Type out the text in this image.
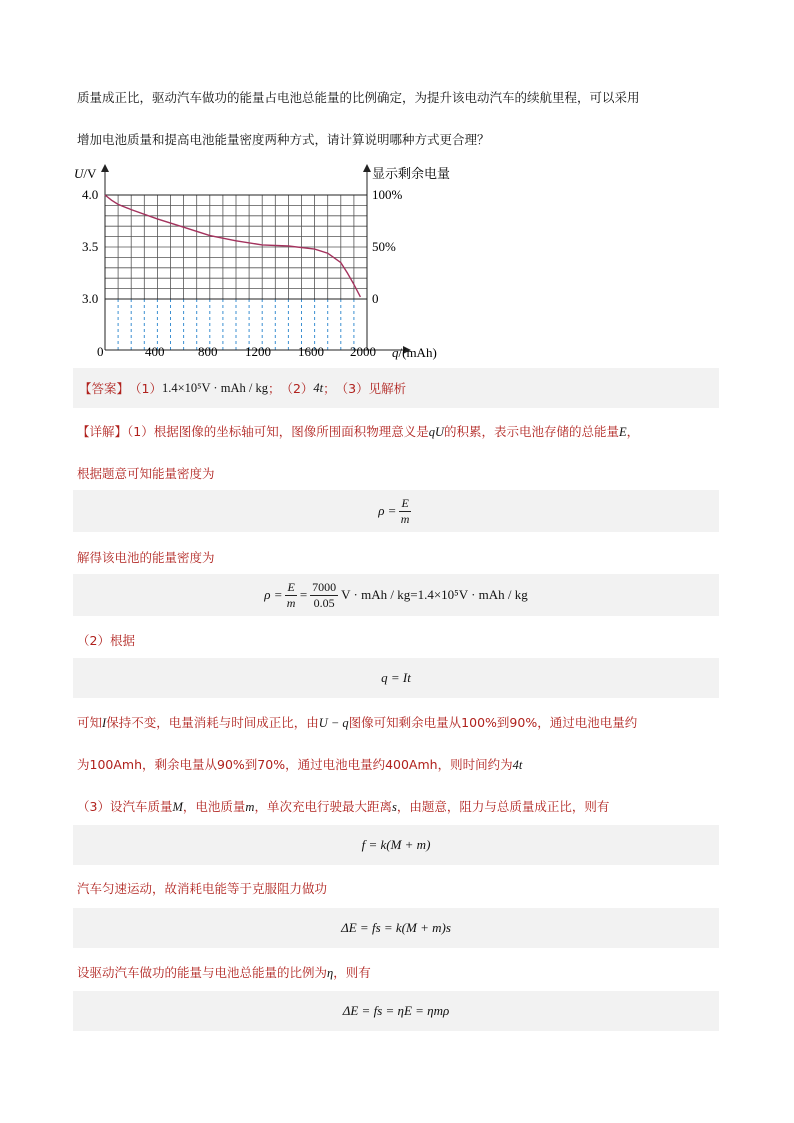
质量成正比，驱动汽车做功的能量占电池总能量的比例确定，为提升该电动汽车的续航里程，可以采用
增加电池质量和提高电池能量密度两种方式，请计算说明哪种方式更合理？
U/V	显示剩余电量
q/(mAh)
3.0
3.5
4.0
0
50%
100%
0	400	800 1200 1600 2000
【答案】 （1） 1.4×10⁵V · mAh / kg ； （2） 4t ； （3） 见解析
【详解】（1）根据图像的坐标轴可知，图像所围面积物理意义是qU的积累，表示电池存储的总能量E，
根据题意可知能量密度为
$\rho = \frac{E}{m}$
解得该电池的能量密度为
$\rho = \frac{E}{m} = \frac{7000}{0.05}$ V · mAh / kg=1.4×10⁵V · mAh / kg
（2）根据
q = It
可知I保持不变，电量消耗与时间成正比，由U − q图像可知剩余电量从100%到90%，通过电池电量约
为100Amh，剩余电量从90%到70%，通过电池电量约400Amh，则时间约为4t
（3）设汽车质量M，电池质量m，单次充电行驶最大距离s，由题意，阻力与总质量成正比，则有
f = k(M + m)
汽车匀速运动，故消耗电能等于克服阻力做功
ΔE = fs = k(M + m)s
设驱动汽车做功的能量与电池总能量的比例为η，则有
ΔE = fs = ηE = ηmρ
